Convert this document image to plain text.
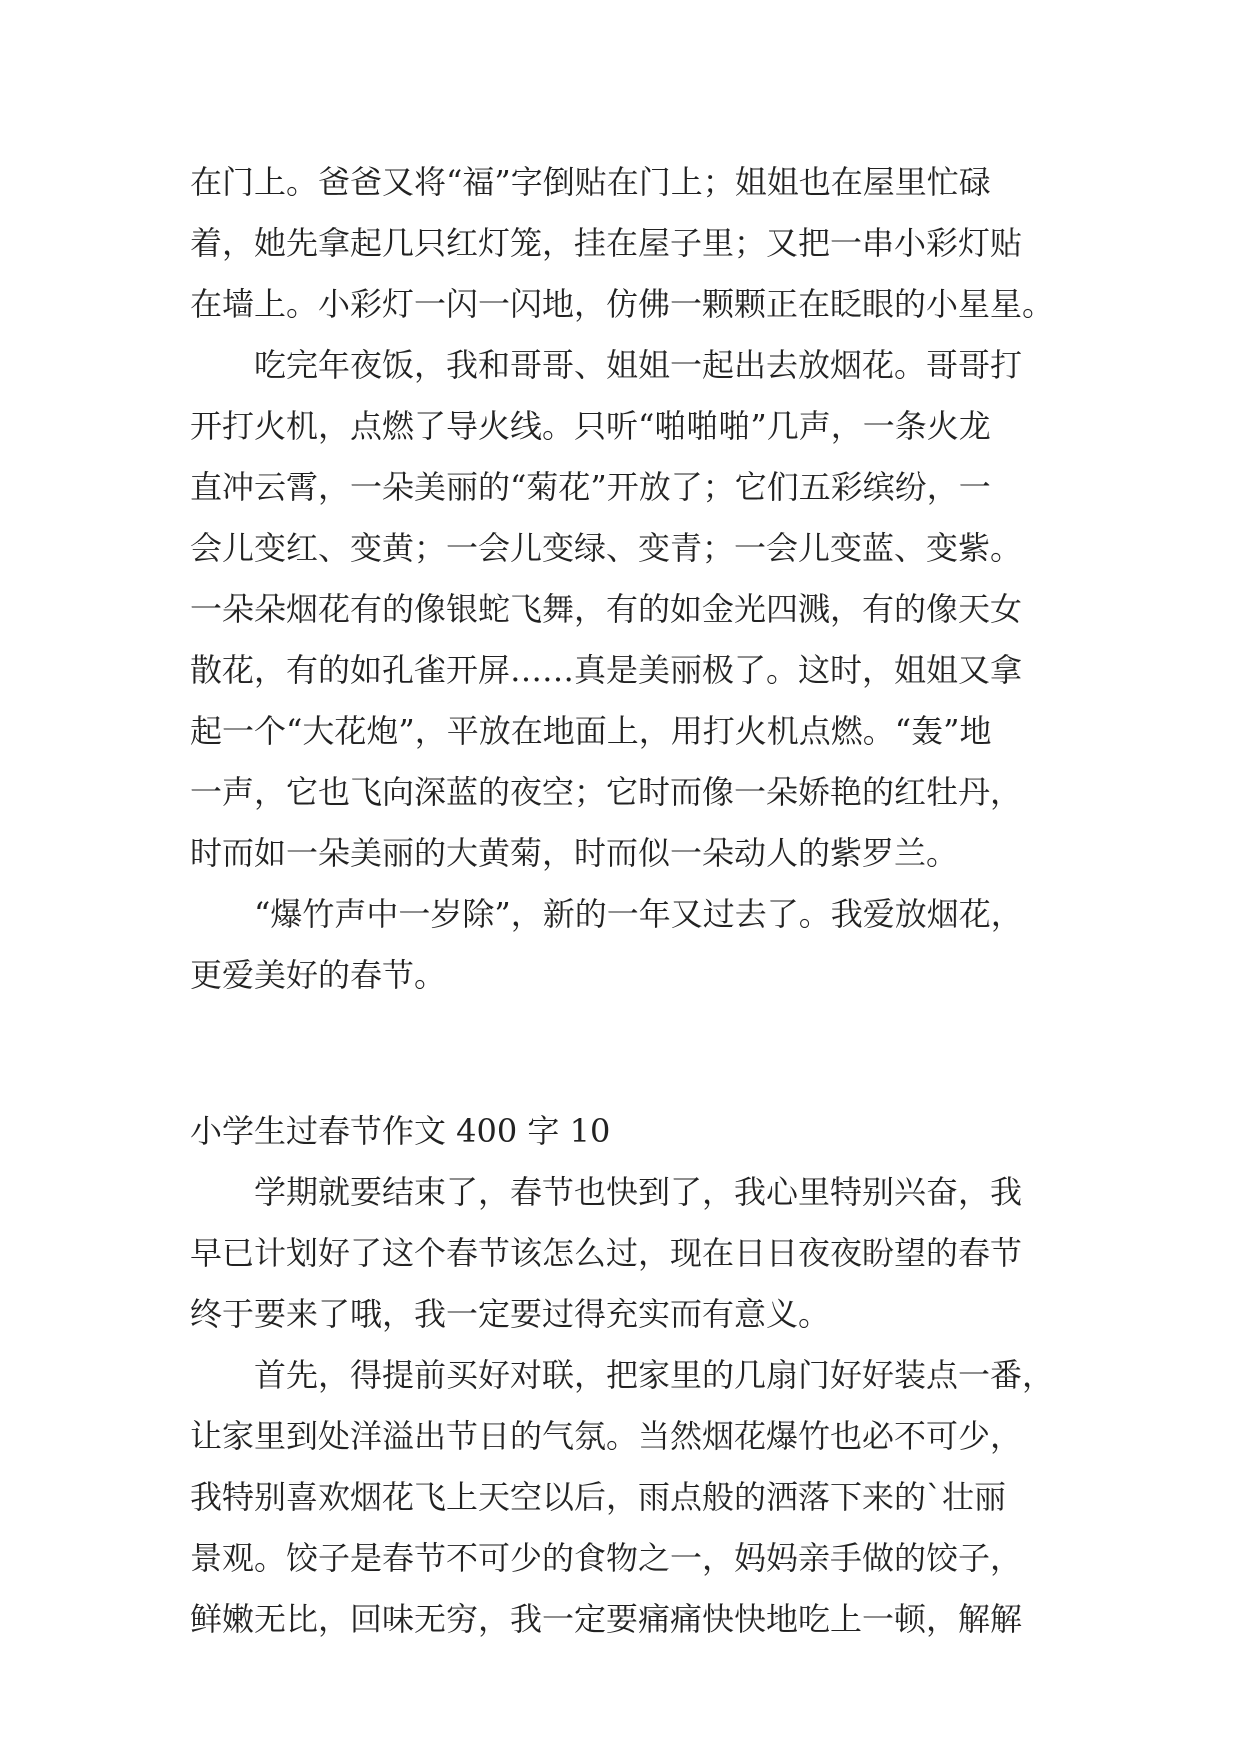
在门上。爸爸又将“福”字倒贴在门上；姐姐也在屋里忙碌
着，她先拿起几只红灯笼，挂在屋子里；又把一串小彩灯贴
在墙上。小彩灯一闪一闪地，仿佛一颗颗正在眨眼的小星星。

吃完年夜饭，我和哥哥、姐姐一起出去放烟花。哥哥打
开打火机，点燃了导火线。只听“啪啪啪”几声，一条火龙
直冲云霄，一朵美丽的“菊花”开放了；它们五彩缤纷，一
会儿变红、变黄；一会儿变绿、变青；一会儿变蓝、变紫。
一朵朵烟花有的像银蛇飞舞，有的如金光四溅，有的像天女
散花，有的如孔雀开屏……真是美丽极了。这时，姐姐又拿
起一个“大花炮”，平放在地面上，用打火机点燃。“轰”地
一声，它也飞向深蓝的夜空；它时而像一朵娇艳的红牡丹，
时而如一朵美丽的大黄菊，时而似一朵动人的紫罗兰。

“爆竹声中一岁除”，新的一年又过去了。我爱放烟花，
更爱美好的春节。

小学生过春节作文 400 字 10

学期就要结束了，春节也快到了，我心里特别兴奋，我
早已计划好了这个春节该怎么过，现在日日夜夜盼望的春节
终于要来了哦，我一定要过得充实而有意义。

首先，得提前买好对联，把家里的几扇门好好装点一番，
让家里到处洋溢出节日的气氛。当然烟花爆竹也必不可少，
我特别喜欢烟花飞上天空以后，雨点般的洒落下来的`壮丽
景观。饺子是春节不可少的食物之一，妈妈亲手做的饺子，
鲜嫩无比，回味无穷，我一定要痛痛快快地吃上一顿，解解
